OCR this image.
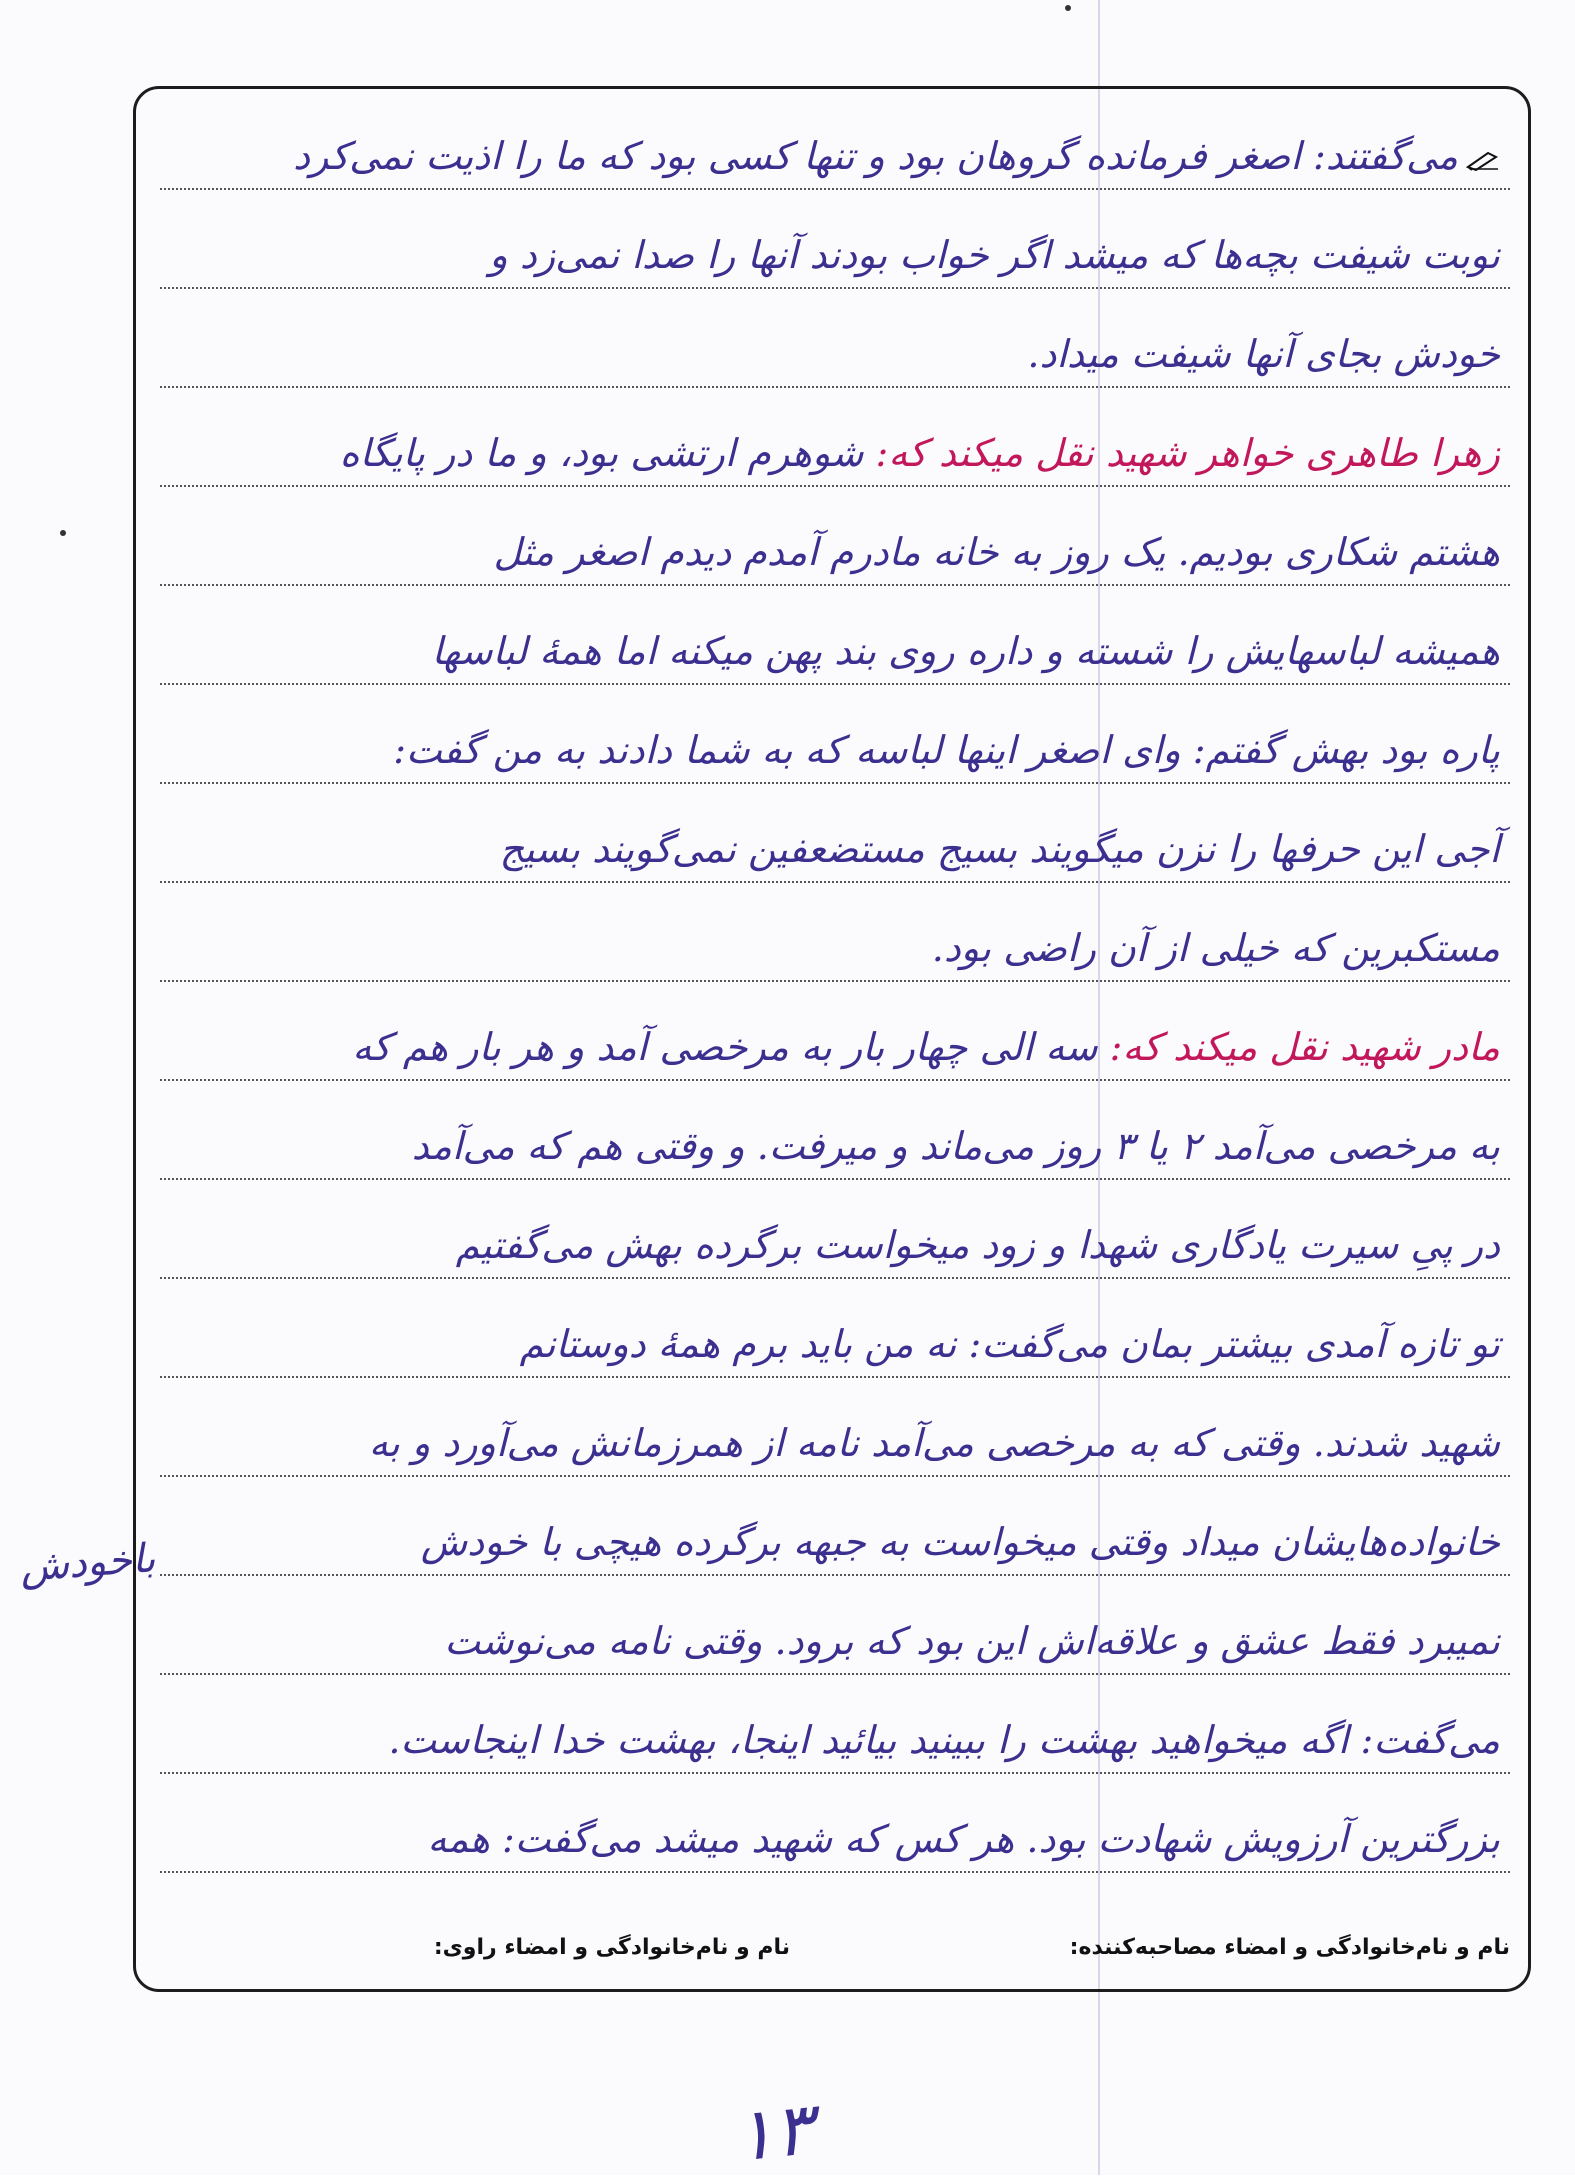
می‌گفتند: اصغر فرمانده گروهان بود و تنها کسی بود که ما را اذیت نمی‌کرد
نوبت شیفت بچه‌ها که میشد اگر خواب بودند آنها را صدا نمی‌زد و
خودش بجای آنها شیفت میداد.
زهرا طاهری خواهر شهید نقل میکند که: شوهرم ارتشی بود، و ما در پایگاه
هشتم شکاری بودیم. یک روز به خانه مادرم آمدم دیدم اصغر مثل
همیشه لباسهایش را شسته و داره روی بند پهن میکنه اما همهٔ لباسها
پاره بود بهش گفتم: وای اصغر اینها لباسه که به شما دادند به من گفت:
آجی این حرفها را نزن میگویند بسیج مستضعفین نمی‌گویند بسیج
مستکبرین که خیلی از آن راضی بود.
مادر شهید نقل میکند که: سه الی چهار بار به مرخصی آمد و هر بار هم که
به مرخصی می‌آمد ۲ یا ۳ روز می‌ماند و میرفت. و وقتی هم که می‌آمد
در پیِ سیرت یادگاری شهدا و زود میخواست برگرده بهش می‌گفتیم
تو تازه آمدی بیشتر بمان می‌گفت: نه من باید برم همهٔ دوستانم
شهید شدند. وقتی که به مرخصی می‌آمد نامه از همرزمانش می‌آورد و به
خانواده‌هایشان میداد وقتی میخواست به جبهه برگرده هیچی با خودش
نمیبرد فقط عشق و علاقه‌اش این بود که برود. وقتی نامه می‌نوشت
می‌گفت: اگه میخواهید بهشت را ببینید بیائید اینجا، بهشت خدا اینجاست.
بزرگترین آرزویش شهادت بود. هر کس که شهید میشد می‌گفت: همه
باخودش
نام و نام‌خانوادگی و امضاء مصاحبه‌کننده:
نام و نام‌خانوادگی و امضاء راوی:
۱۳
